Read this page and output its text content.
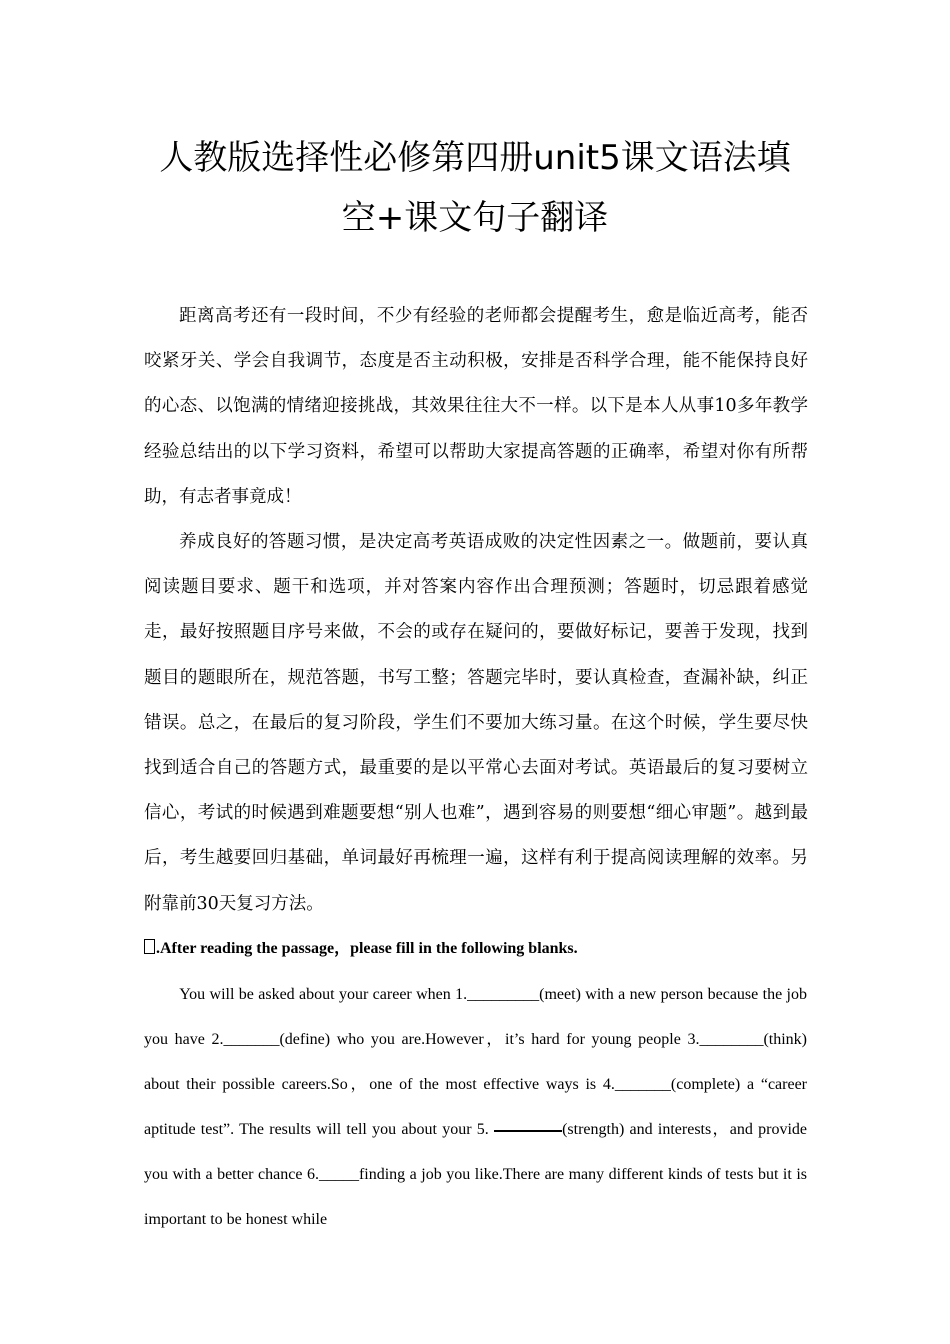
人教版选择性必修第四册unit5课文语法填
空+课文句子翻译

距离高考还有一段时间，不少有经验的老师都会提醒考生，愈是临近高考，能否咬紧牙关、学会自我调节，态度是否主动积极，安排是否科学合理，能不能保持良好的心态、以饱满的情绪迎接挑战，其效果往往大不一样。以下是本人从事10多年教学经验总结出的以下学习资料，希望可以帮助大家提高答题的正确率，希望对你有所帮助，有志者事竟成！

养成良好的答题习惯，是决定高考英语成败的决定性因素之一。做题前，要认真阅读题目要求、题干和选项，并对答案内容作出合理预测；答题时，切忌跟着感觉走，最好按照题目序号来做，不会的或存在疑问的，要做好标记，要善于发现，找到题目的题眼所在，规范答题，书写工整；答题完毕时，要认真检查，查漏补缺，纠正错误。总之，在最后的复习阶段，学生们不要加大练习量。在这个时候，学生要尽快找到适合自己的答题方式，最重要的是以平常心去面对考试。英语最后的复习要树立信心，考试的时候遇到难题要想“别人也难”，遇到容易的则要想“细心审题”。越到最后，考生越要回归基础，单词最好再梳理一遍，这样有利于提高阅读理解的效率。另附靠前30天复习方法。

.After reading the passage，please fill in the following blanks.

You will be asked about your career when 1._________(meet) with a new person because the job you have 2._______(define) who you are.However，it’s hard for young people 3.________(think) about their possible careers.So，one of the most effective ways is 4._______(complete) a “career aptitude test”. The results will tell you about your 5.	(strength) and interests，and provide you with a better chance 6._____finding a job you like.There are many different kinds of tests but it is important to be honest while
